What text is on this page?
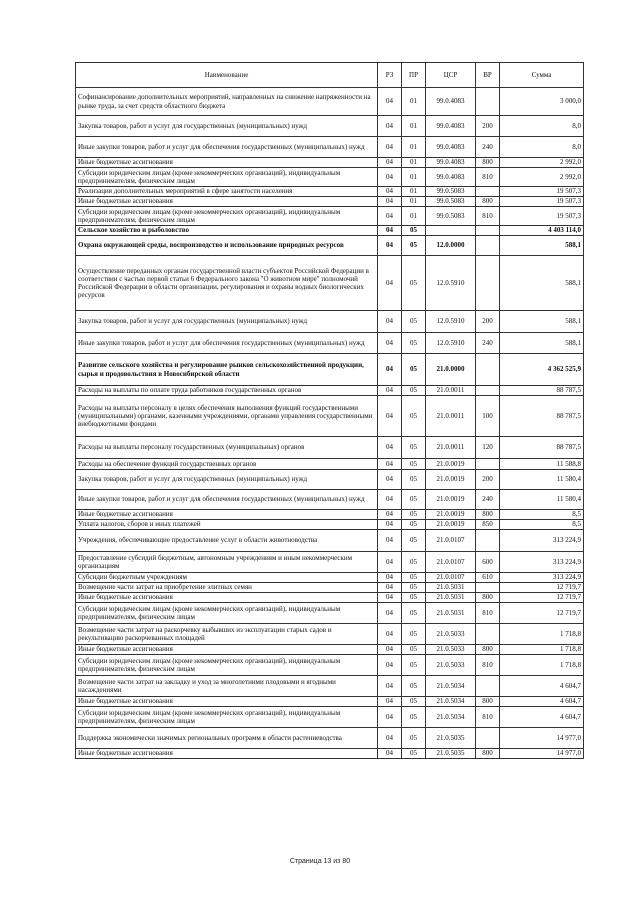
Наименование	РЗ	ПР	ЦСР	ВР	Сумма
Софинансирование дополнительных мероприятий, направленных на снижение напряженности на рынке труда, за счет средств областного бюджета	04	01	99.0.4083		3 000,0
Закупка товаров, работ и услуг для государственных (муниципальных) нужд	04	01	99.0.4083	200	8,0
Иные закупки товаров, работ и услуг для обеспечения государственных (муниципальных) нужд	04	01	99.0.4083	240	8,0
Иные бюджетные ассигнования	04	01	99.0.4083	800	2 992,0
Субсидии юридическим лицам (кроме некоммерческих организаций), индивидуальным предпринимателям, физическим лицам	04	01	99.0.4083	810	2 992,0
Реализация дополнительных мероприятий в сфере занятости населения	04	01	99.0.5083		19 507,3
Иные бюджетные ассигнования	04	01	99.0.5083	800	19 507,3
Субсидии юридическим лицам (кроме некоммерческих организаций), индивидуальным предпринимателям, физическим лицам	04	01	99.0.5083	810	19 507,3
Сельское хозяйство и рыболовство	04	05			4 403 114,0
Охрана окружающей среды, воспроизводство и использование природных ресурсов	04	05	12.0.0000		588,1
Осуществление переданных органам государственной власти субъектов Российской Федерации в соответствии с частью первой статьи 6 Федерального закона "О животном мире" полномочий Российской Федерации в области организации, регулирования и охраны водных биологических ресурсов	04	05	12.0.5910		588,1
Закупка товаров, работ и услуг для государственных (муниципальных) нужд	04	05	12.0.5910	200	588,1
Иные закупки товаров, работ и услуг для обеспечения государственных (муниципальных) нужд	04	05	12.0.5910	240	588,1
Развитие сельского хозяйства и регулирование рынков сельскохозяйственной продукции, сырья и продовольствия в Новосибирской области	04	05	21.0.0000		4 362 525,9
Расходы на выплаты по оплате труда работников государственных органов	04	05	21.0.0011		88 787,5
Расходы на выплаты персоналу в целях обеспечения выполнения функций государственными (муниципальными) органами, казенными учреждениями, органами управления государственными внебюджетными фондами	04	05	21.0.0011	100	88 787,5
Расходы на выплаты персоналу государственных (муниципальных) органов	04	05	21.0.0011	120	88 787,5
Расходы на обеспечение функций государственных органов	04	05	21.0.0019		11 588,8
Закупка товаров, работ и услуг для государственных (муниципальных) нужд	04	05	21.0.0019	200	11 580,4
Иные закупки товаров, работ и услуг для обеспечения государственных (муниципальных) нужд	04	05	21.0.0019	240	11 580,4
Иные бюджетные ассигнования	04	05	21.0.0019	800	8,5
Уплата налогов, сборов и иных платежей	04	05	21.0.0019	850	8,5
Учреждения, обеспечивающие предоставление услуг в области животноводства	04	05	21.0.0107		313 224,9
Предоставление субсидий бюджетным, автономным учреждениям и иным некоммерческим организациям	04	05	21.0.0107	600	313 224,9
Субсидии бюджетным учреждениям	04	05	21.0.0107	610	313 224,9
Возмещение части затрат на приобретение элитных семян	04	05	21.0.5031		12 719,7
Иные бюджетные ассигнования	04	05	21.0.5031	800	12 719,7
Субсидии юридическим лицам (кроме некоммерческих организаций), индивидуальным предпринимателям, физическим лицам	04	05	21.0.5031	810	12 719,7
Возмещение части затрат на раскорчевку выбывших из эксплуатации старых садов и рекультивацию раскорчеванных площадей	04	05	21.0.5033		1 718,8
Иные бюджетные ассигнования	04	05	21.0.5033	800	1 718,8
Субсидии юридическим лицам (кроме некоммерческих организаций), индивидуальным предпринимателям, физическим лицам	04	05	21.0.5033	810	1 718,8
Возмещение части затрат на закладку и уход за многолетними плодовыми и ягодными насаждениями	04	05	21.0.5034		4 604,7
Иные бюджетные ассигнования	04	05	21.0.5034	800	4 604,7
Субсидии юридическим лицам (кроме некоммерческих организаций), индивидуальным предпринимателям, физическим лицам	04	05	21.0.5034	810	4 604,7
Поддержка экономически значимых региональных программ в области растениеводства	04	05	21.0.5035		14 977,0
Иные бюджетные ассигнования	04	05	21.0.5035	800	14 977,0
Страница 13 из 80
